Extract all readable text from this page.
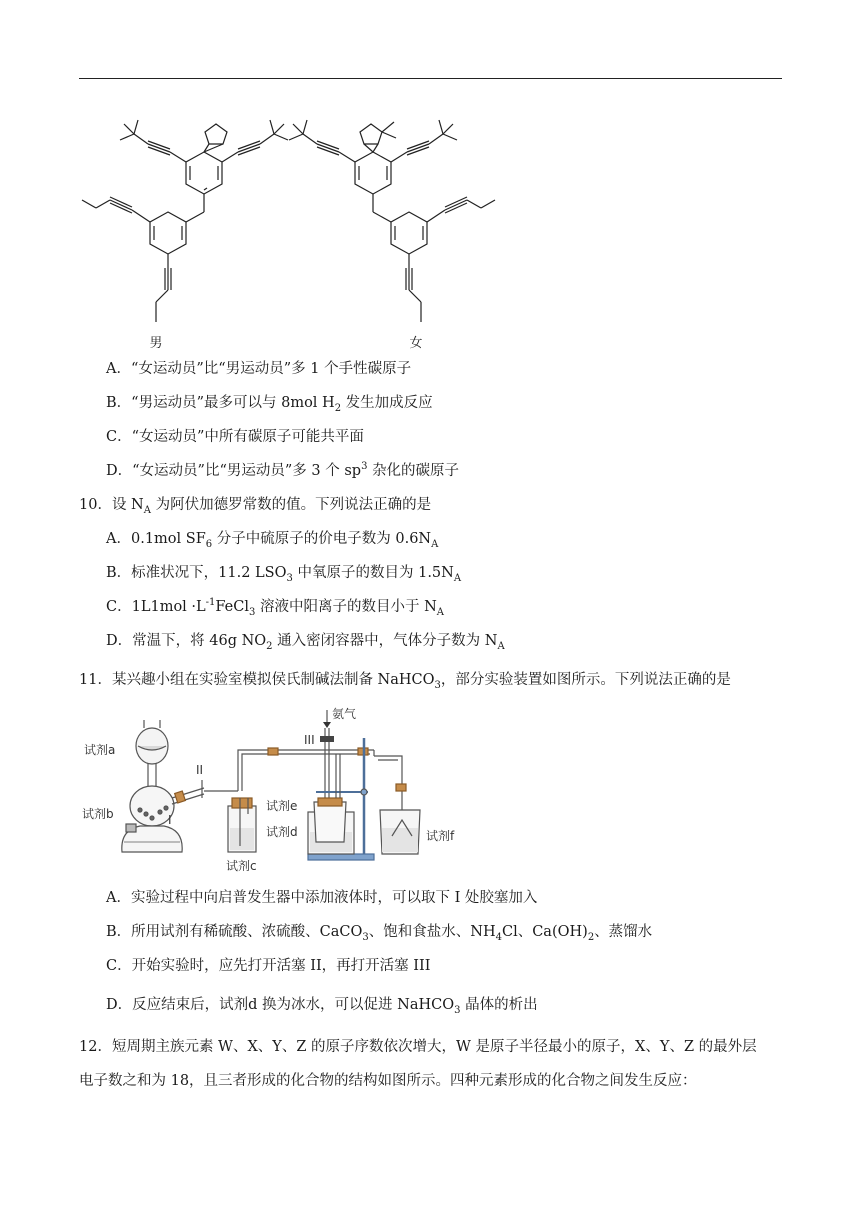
男	女
A．“女运动员”比“男运动员”多 1 个手性碳原子
B．“男运动员”最多可以与 8mol $H_2$ 发生加成反应
C．“女运动员”中所有碳原子可能共平面
D．“女运动员”比“男运动员”多 3 个 $sp^3$ 杂化的碳原子
10．设 $N_A$ 为阿伏加德罗常数的值。下列说法正确的是
A．0.1mol $SF_6$ 分子中硫原子的价电子数为 $0.6N_A$
B．标准状况下，11.2 $LSO_3$ 中氧原子的数目为 $1.5N_A$
C．$1L1mol \cdot L^{-1}FeCl_3$ 溶液中阳离子的数目小于 $N_A$
D．常温下，将 46g $NO_2$ 通入密闭容器中，气体分子数为 $N_A$
11．某兴趣小组在实验室模拟侯氏制碱法制备 NaHCO$_3$，部分实验装置如图所示。下列说法正确的是
氨气
III
II
I
试剂a
试剂b
试剂c
试剂e
试剂d	试剂f
A．实验过程中向启普发生器中添加液体时，可以取下 I 处胶塞加入
B．所用试剂有稀硫酸、浓硫酸、CaCO$_3$、饱和食盐水、$NH_4Cl$、$Ca(OH)_2$、蒸馏水
C．开始实验时，应先打开活塞 II，再打开活塞 III
D．反应结束后，试剂d 换为冰水，可以促进 NaHCO$_3$ 晶体的析出
12．短周期主族元素 W、X、Y、Z 的原子序数依次增大，W 是原子半径最小的原子，X、Y、Z 的最外层
电子数之和为 18，且三者形成的化合物的结构如图所示。四种元素形成的化合物之间发生反应：
